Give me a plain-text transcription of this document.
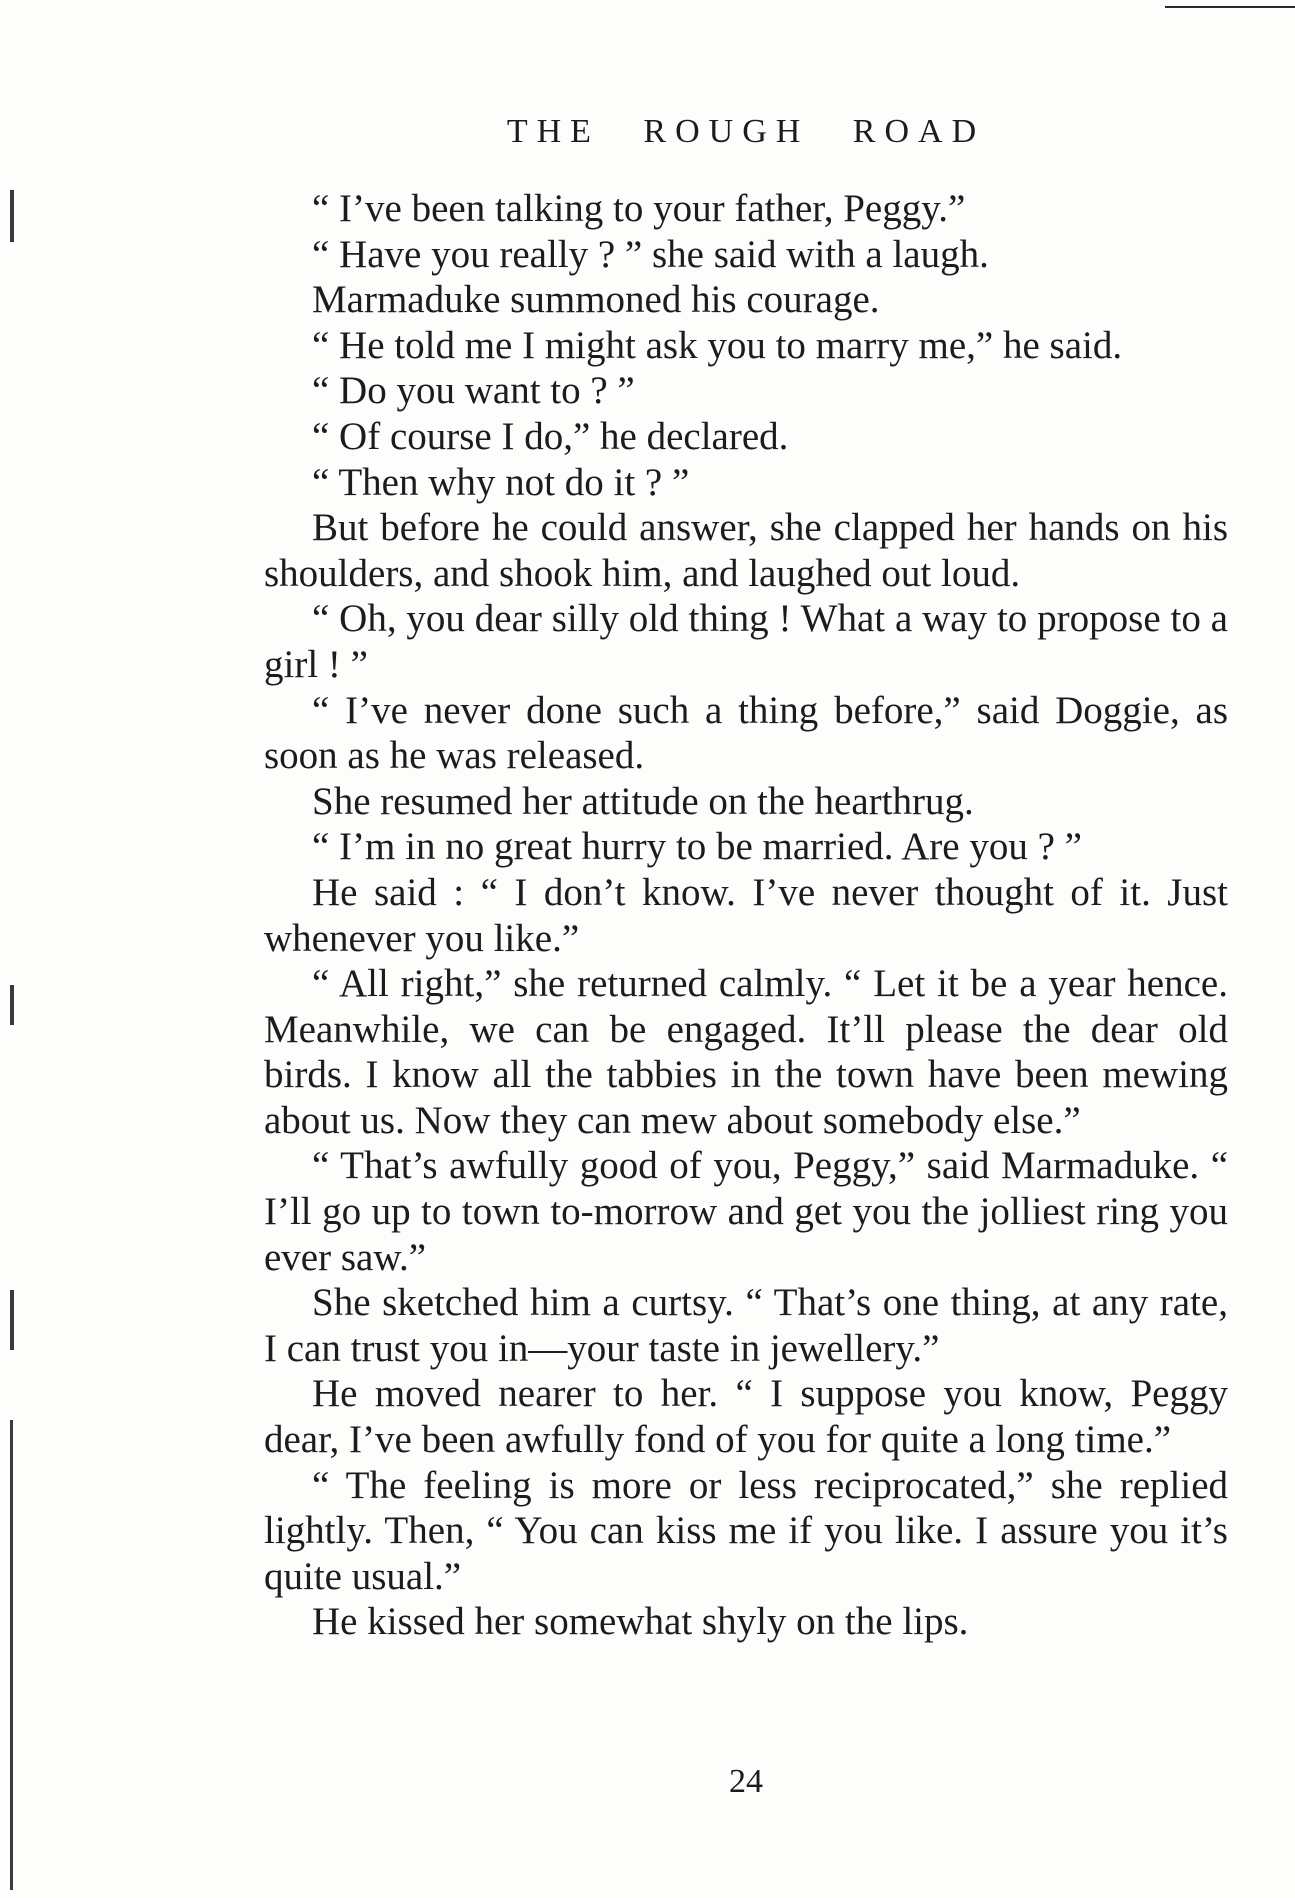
THE ROUGH ROAD

“ I’ve been talking to your father, Peggy.”

“ Have you really ? ” she said with a laugh.

Marmaduke summoned his courage.

“ He told me I might ask you to marry me,” he said.

“ Do you want to ? ”

“ Of course I do,” he declared.

“ Then why not do it ? ”

But before he could answer, she clapped her hands on his shoulders, and shook him, and laughed out loud.

“ Oh, you dear silly old thing ! What a way to propose to a girl ! ”

“ I’ve never done such a thing before,” said Doggie, as soon as he was released.

She resumed her attitude on the hearthrug.

“ I’m in no great hurry to be married. Are you ? ”

He said : “ I don’t know. I’ve never thought of it. Just whenever you like.”

“ All right,” she returned calmly. “ Let it be a year hence. Meanwhile, we can be engaged. It’ll please the dear old birds. I know all the tabbies in the town have been mewing about us. Now they can mew about somebody else.”

“ That’s awfully good of you, Peggy,” said Marmaduke. “ I’ll go up to town to-morrow and get you the jolliest ring you ever saw.”

She sketched him a curtsy. “ That’s one thing, at any rate, I can trust you in—your taste in jewellery.”

He moved nearer to her. “ I suppose you know, Peggy dear, I’ve been awfully fond of you for quite a long time.”

“ The feeling is more or less reciprocated,” she replied lightly. Then, “ You can kiss me if you like. I assure you it’s quite usual.”

He kissed her somewhat shyly on the lips.

24
